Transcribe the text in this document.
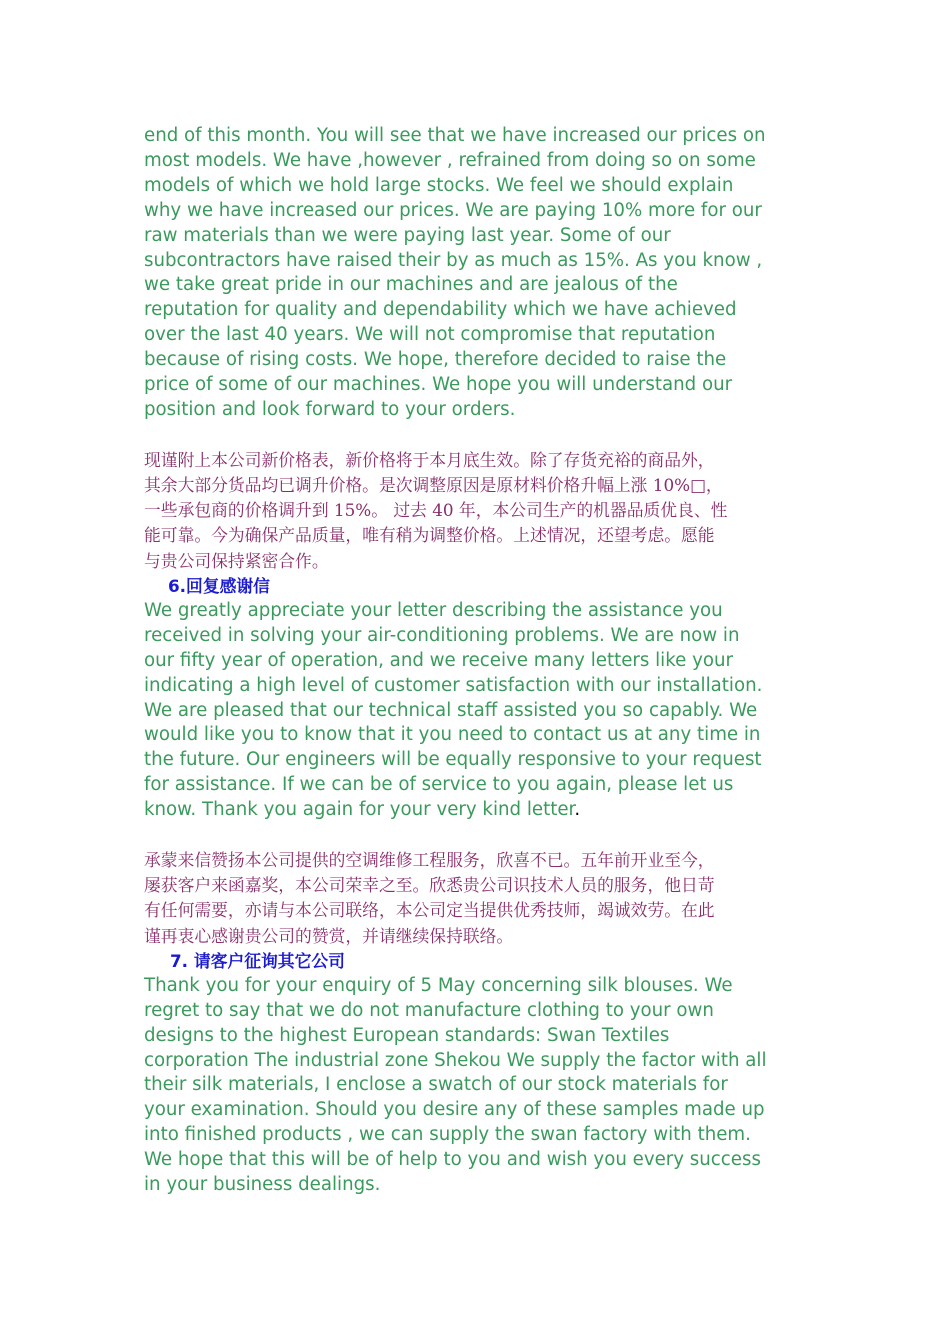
end of this month. You will see that we have increased our prices on
most models. We have ,however , refrained from doing so on some
models of which we hold large stocks. We feel we should explain
why we have increased our prices. We are paying 10% more for our
raw materials than we were paying last year. Some of our
subcontractors have raised their by as much as 15%. As you know ,
we take great pride in our machines and are jealous of the
reputation for quality and dependability which we have achieved
over the last 40 years. We will not compromise that reputation
because of rising costs. We hope, therefore decided to raise the
price of some of our machines. We hope you will understand our
position and look forward to your orders.

现谨附上本公司新价格表，新价格将于本月底生效。除了存货充裕的商品外，
其余大部分货品均已调升价格。是次调整原因是原材料价格升幅上涨 10%□，
一些承包商的价格调升到 15%。 过去 40 年，本公司生产的机器品质优良、性
能可靠。今为确保产品质量，唯有稍为调整价格。上述情况，还望考虑。愿能
与贵公司保持紧密合作。

6.回复感谢信

We greatly appreciate your letter describing the assistance you
received in solving your air-conditioning problems. We are now in
our fifty year of operation, and we receive many letters like your
indicating a high level of customer satisfaction with our installation.
We are pleased that our technical staff assisted you so capably. We
would like you to know that it you need to contact us at any time in
the future. Our engineers will be equally responsive to your request
for assistance. If we can be of service to you again, please let us
know. Thank you again for your very kind letter.

承蒙来信赞扬本公司提供的空调维修工程服务，欣喜不已。五年前开业至今，
屡获客户来函嘉奖，本公司荣幸之至。欣悉贵公司识技术人员的服务，他日苛
有任何需要，亦请与本公司联络，本公司定当提供优秀技师，竭诚效劳。在此
谨再衷心感谢贵公司的赞赏，并请继续保持联络。

7. 请客户征询其它公司

Thank you for your enquiry of 5 May concerning silk blouses. We
regret to say that we do not manufacture clothing to your own
designs to the highest European standards: Swan Textiles
corporation The industrial zone Shekou We supply the factor with all
their silk materials, I enclose a swatch of our stock materials for
your examination. Should you desire any of these samples made up
into finished products , we can supply the swan factory with them.
We hope that this will be of help to you and wish you every success
in your business dealings.
